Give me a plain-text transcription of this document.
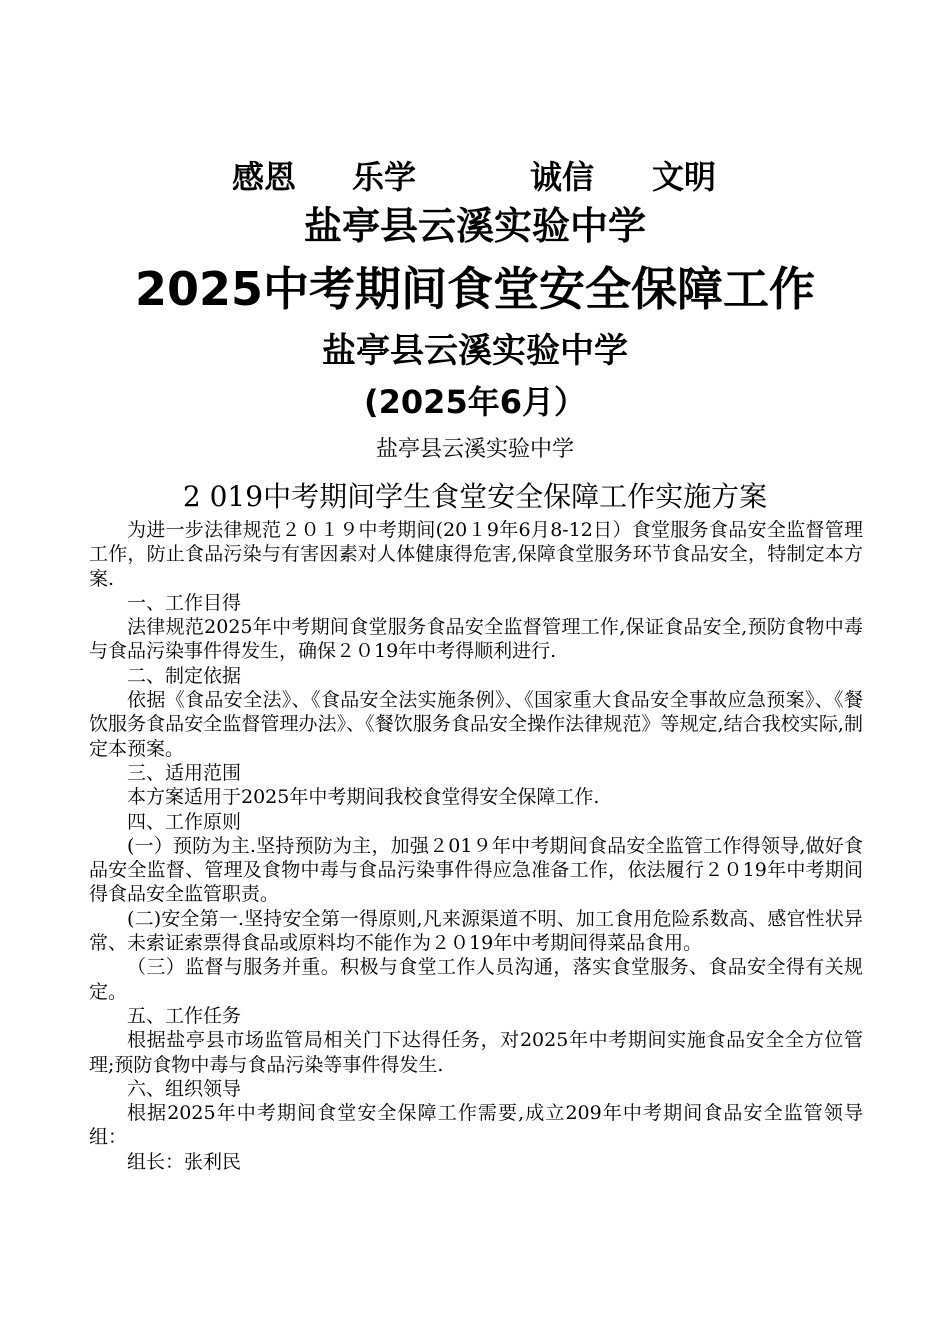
感恩 乐学	诚信 文明
盐亭县云溪实验中学
2025中考期间食堂安全保障工作
盐亭县云溪实验中学
(2025年6月）
盐亭县云溪实验中学
2 019中考期间学生食堂安全保障工作实施方案

为进一步法律规范２０１９中考期间(20１9年6月8-12日）食堂服务食品安全监督管理工作，防止食品污染与有害因素对人体健康得危害,保障食堂服务环节食品安全，特制定本方案.

一、工作目得

法律规范2025年中考期间食堂服务食品安全监督管理工作,保证食品安全,预防食物中毒与食品污染事件得发生，确保２０19年中考得顺利进行.

二、制定依据

依据《食品安全法》、《食品安全法实施条例》、《国家重大食品安全事故应急预案》、《餐饮服务食品安全监督管理办法》、《餐饮服务食品安全操作法律规范》等规定,结合我校实际,制定本预案。

三、适用范围

本方案适用于2025年中考期间我校食堂得安全保障工作.

四、工作原则

(一）预防为主.坚持预防为主，加强２01９年中考期间食品安全监管工作得领导,做好食品安全监督、管理及食物中毒与食品污染事件得应急准备工作，依法履行２０19年中考期间得食品安全监管职责。

(二)安全第一.坚持安全第一得原则,凡来源渠道不明、加工食用危险系数高、感官性状异常、未索证索票得食品或原料均不能作为２０19年中考期间得菜品食用。

（三）监督与服务并重。积极与食堂工作人员沟通，落实食堂服务、食品安全得有关规定。

五、工作任务

根据盐亭县市场监管局相关门下达得任务，对2025年中考期间实施食品安全全方位管理;预防食物中毒与食品污染等事件得发生.

六、组织领导

根据2025年中考期间食堂安全保障工作需要,成立209年中考期间食品安全监管领导组：

组长：张利民
